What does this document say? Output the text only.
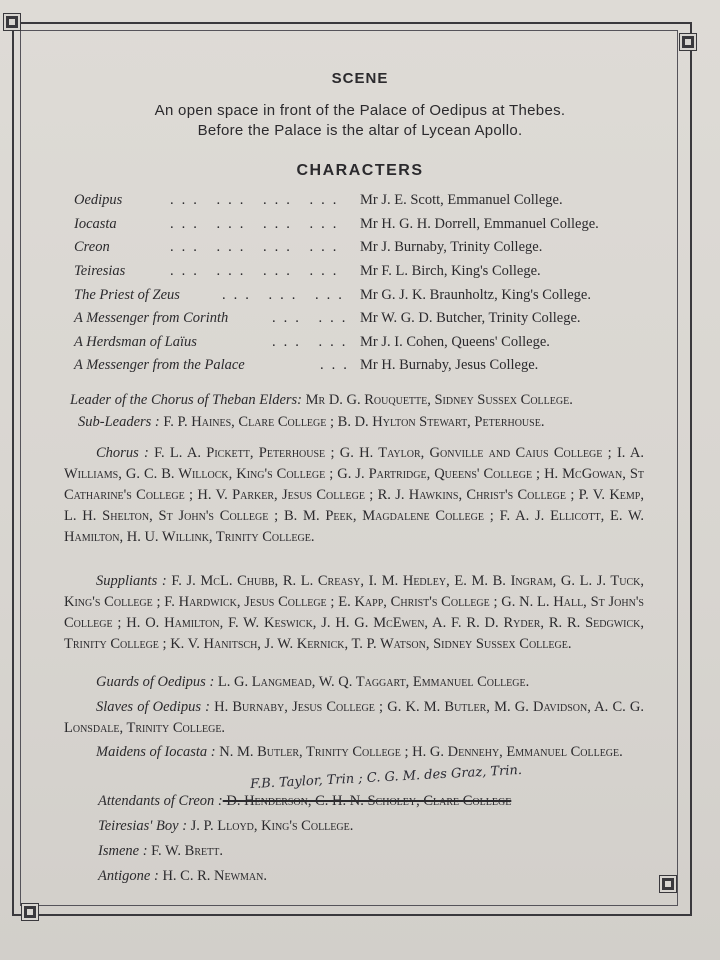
SCENE
An open space in front of the Palace of Oedipus at Thebes.
Before the Palace is the altar of Lycean Apollo.
CHARACTERS
Oedipus	... ... ... ... Mr J. E. Scott, Emmanuel College.
Iocasta	... ... ... ... Mr H. G. H. Dorrell, Emmanuel College.
Creon	... ... ... ... Mr J. Burnaby, Trinity College.
Teiresias	... ... ... ... Mr F. L. Birch, King's College.
The Priest of Zeus	... ... ... Mr G. J. K. Braunholtz, King's College.
A Messenger from Corinth	... ... Mr W. G. D. Butcher, Trinity College.
A Herdsman of Laïus	... ... Mr J. I. Cohen, Queens' College.
A Messenger from the Palace	... Mr H. Burnaby, Jesus College.
Leader of the Chorus of Theban Elders: Mr D. G. Rouquette, Sidney Sussex College.
Sub-Leaders : F. P. Haines, Clare College ; B. D. Hylton Stewart, Peterhouse.
Chorus : F. L. A. Pickett, Peterhouse ; G. H. Taylor, Gonville and Caius College ; I. A. Williams, G. C. B. Willock, King's College ; G. J. Partridge, Queens' College ; H. McGowan, St Catharine's College ; H. V. Parker, Jesus College ; R. J. Hawkins, Christ's College ; P. V. Kemp, L. H. Shelton, St John's College ; B. M. Peek, Magdalene College ; F. A. J. Ellicott, E. W. Hamilton, H. U. Willink, Trinity College.
Suppliants : F. J. McL. Chubb, R. L. Creasy, I. M. Hedley, E. M. B. Ingram, G. L. J. Tuck, King's College ; F. Hardwick, Jesus College ; E. Kapp, Christ's College ; G. N. L. Hall, St John's College ; H. O. Hamilton, F. W. Keswick, J. H. G. McEwen, A. F. R. D. Ryder, R. R. Sedgwick, Trinity College ; K. V. Hanitsch, J. W. Kernick, T. P. Watson, Sidney Sussex College.
Guards of Oedipus : L. G. Langmead, W. Q. Taggart, Emmanuel College.
Slaves of Oedipus : H. Burnaby, Jesus College ; G. K. M. Butler, M. G. Davidson, A. C. G. Lonsdale, Trinity College.
Maidens of Iocasta : N. M. Butler, Trinity College ; H. G. Dennehy, Emmanuel College.
F.B. Taylor, Trin ; C. G. M. des Graz, Trin.
Attendants of Creon : D. Henderson, C. H. N. Scholey, Clare College
Teiresias' Boy : J. P. Lloyd, King's College.
Ismene : F. W. Brett.
Antigone : H. C. R. Newman.
